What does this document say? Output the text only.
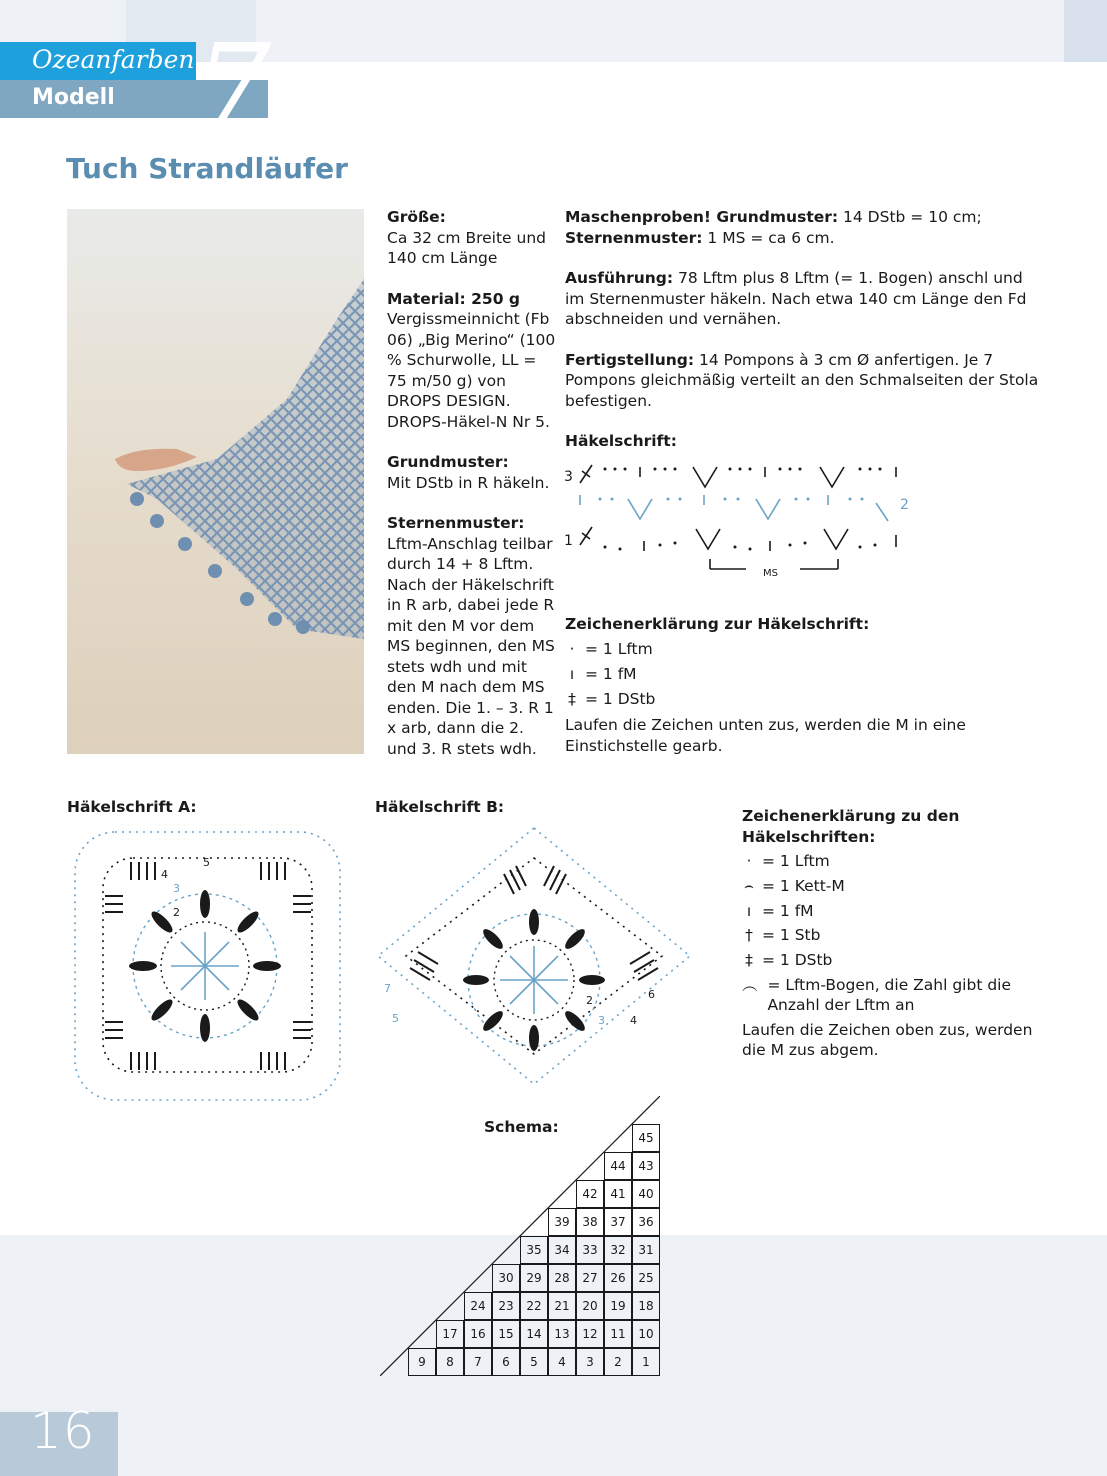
Ozeanfarben
Modell 7
Tuch Strandläufer

Größe:
Ca 32 cm Breite und 140 cm Länge

Material: 250 g
Vergissmeinnicht (Fb 06) „Big Merino“ (100 % Schurwolle, LL = 75 m/50 g) von DROPS DESIGN. DROPS-Häkel-N Nr 5.

Grundmuster:
Mit DStb in R häkeln.

Sternenmuster:
Lftm-Anschlag teilbar durch 14 + 8 Lftm. Nach der Häkelschrift in R arb, dabei jede R mit den M vor dem MS beginnen, den MS stets wdh und mit den M nach dem MS enden. Die 1. – 3. R 1 x arb, dann die 2. und 3. R stets wdh.

Maschenproben! Grundmuster: 14 DStb = 10 cm;
Sternenmuster: 1 MS = ca 6 cm.

Ausführung: 78 Lftm plus 8 Lftm (= 1. Bogen) anschl und im Sternenmuster häkeln. Nach etwa 140 cm Länge den Fd abschneiden und vernähen.

Fertigstellung: 14 Pompons à 3 cm Ø anfertigen. Je 7 Pompons gleichmäßig verteilt an den Schmalseiten der Stola befestigen.

Häkelschrift:

3
2
1
MS
Zeichenerklärung zur Häkelschrift:
· = 1 Lftm
ı = 1 fM
‡ = 1 DStb
Laufen die Zeichen unten zus, werden die M in eine Einstichstelle gearb.
Häkelschrift A:
2
3
4
5
Häkelschrift B:
2
3 4
5
6
7
Zeichenerklärung zu den Häkelschriften:
· = 1 Lftm
⌢ = 1 Kett-M
ı = 1 fM
† = 1 Stb
‡ = 1 DStb
︵ = Lftm-Bogen, die Zahl gibt die Anzahl der Lftm an
Laufen die Zeichen oben zus, werden die M zus abgem.
Schema:
45
44	43
42	41	40
39	38	37	36
35	34	33	32	31
30	29	28	27	26	25
24	23	22	21	20	19	18
17	16	15	14	13	12	11	10
9	8	7	6	5	4	3	2	1
16
